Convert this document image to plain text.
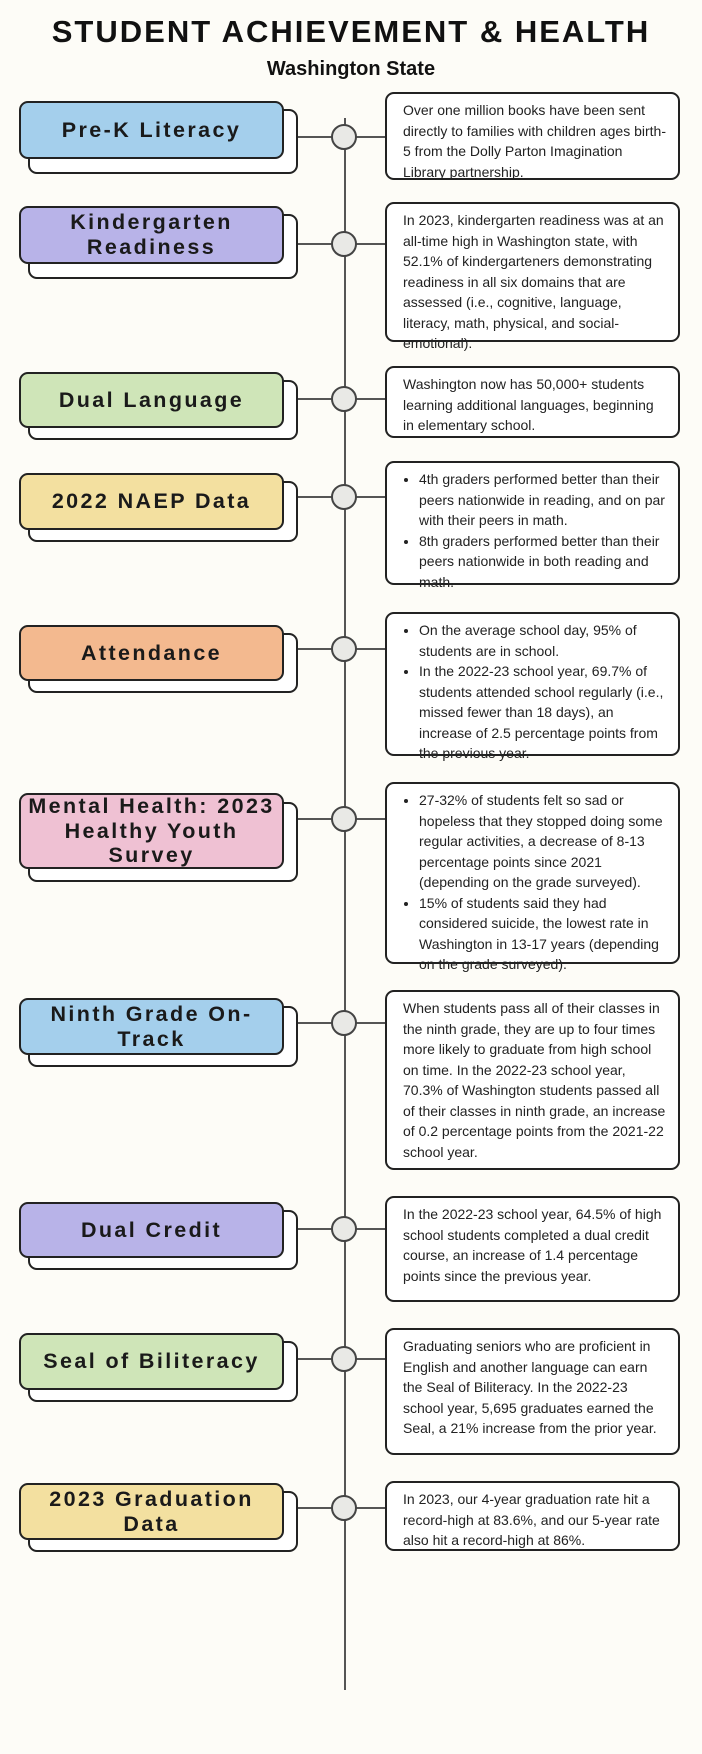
STUDENT ACHIEVEMENT & HEALTH
Washington State
Pre-K Literacy
Over one million books have been sent directly to families with children ages birth-5 from the Dolly Parton Imagination Library partnership.
Kindergarten Readiness
In 2023, kindergarten readiness was at an all-time high in Washington state, with 52.1% of kindergarteners demonstrating readiness in all six domains that are assessed (i.e., cognitive, language, literacy, math, physical, and social-emotional).
Dual Language
Washington now has 50,000+ students learning additional languages, beginning in elementary school.
2022 NAEP Data
• 4th graders performed better than their peers nationwide in reading, and on par with their peers in math.
• 8th graders performed better than their peers nationwide in both reading and math.
Attendance
• On the average school day, 95% of students are in school.
• In the 2022-23 school year, 69.7% of students attended school regularly (i.e., missed fewer than 18 days), an increase of 2.5 percentage points from the previous year.
Mental Health: 2023 Healthy Youth Survey
• 27-32% of students felt so sad or hopeless that they stopped doing some regular activities, a decrease of 8-13 percentage points since 2021 (depending on the grade surveyed).
• 15% of students said they had considered suicide, the lowest rate in Washington in 13-17 years (depending on the grade surveyed).
Ninth Grade On-Track
When students pass all of their classes in the ninth grade, they are up to four times more likely to graduate from high school on time. In the 2022-23 school year, 70.3% of Washington students passed all of their classes in ninth grade, an increase of 0.2 percentage points from the 2021-22 school year.
Dual Credit
In the 2022-23 school year, 64.5% of high school students completed a dual credit course, an increase of 1.4 percentage points since the previous year.
Seal of Biliteracy
Graduating seniors who are proficient in English and another language can earn the Seal of Biliteracy. In the 2022-23 school year, 5,695 graduates earned the Seal, a 21% increase from the prior year.
2023 Graduation Data
In 2023, our 4-year graduation rate hit a record-high at 83.6%, and our 5-year rate also hit a record-high at 86%.
